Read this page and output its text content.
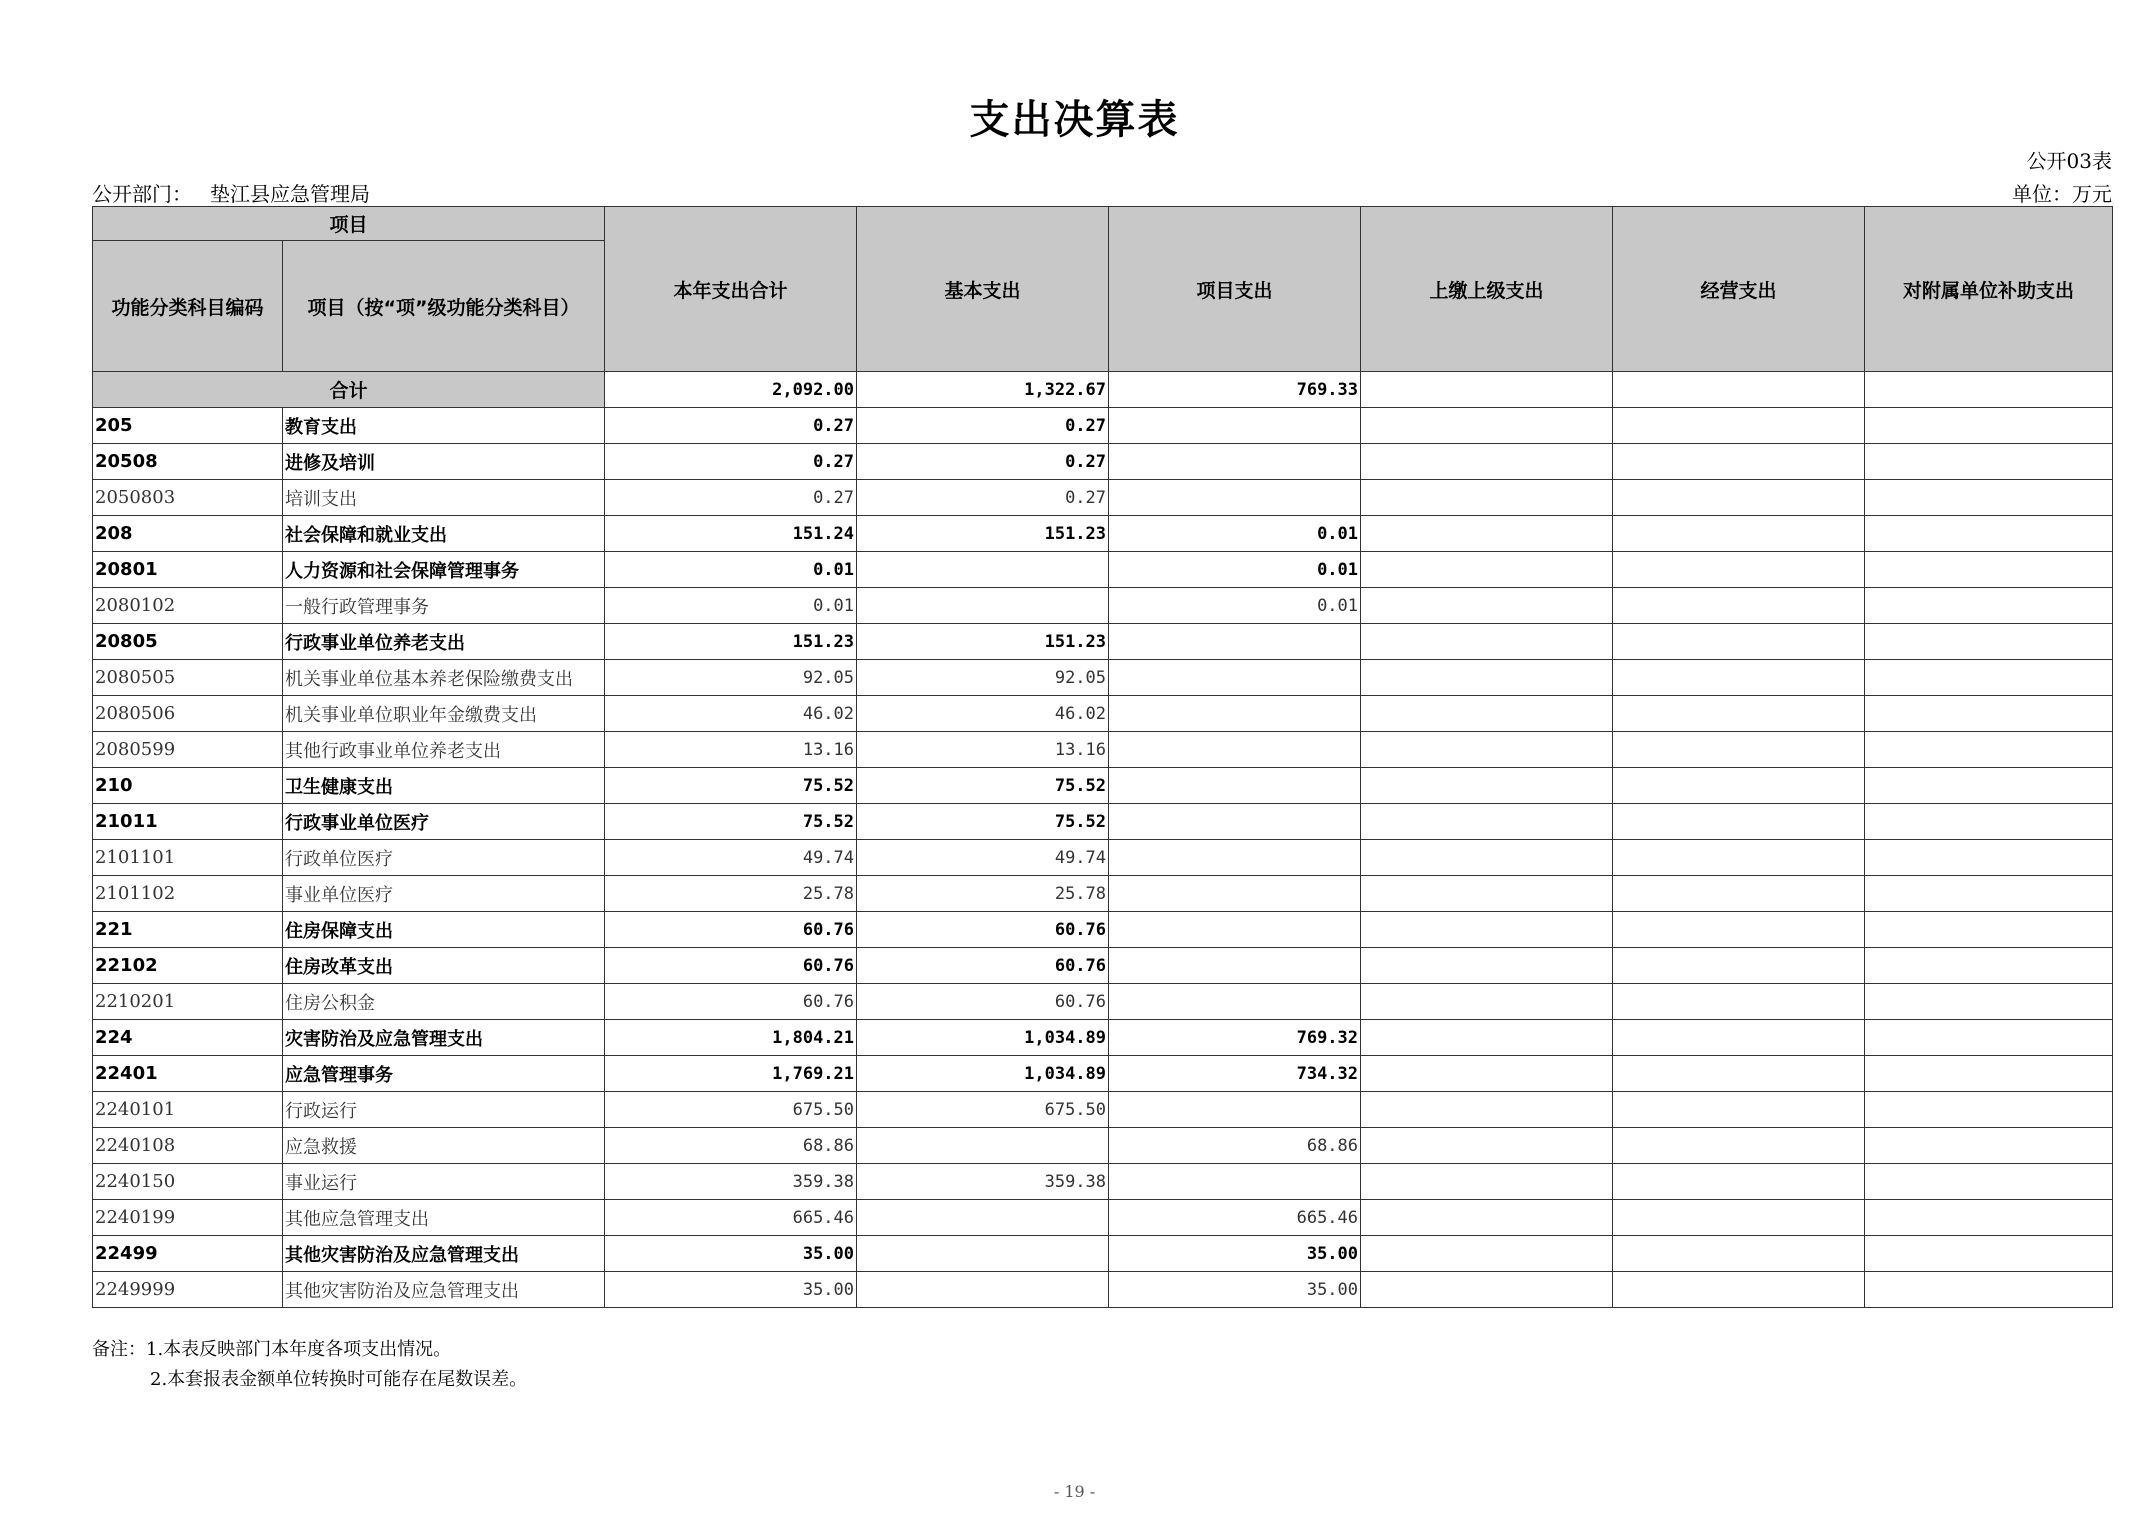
支出决算表
公开03表
公开部门： 垫江县应急管理局	单位：万元
项目		本年支出合计	基本支出	项目支出	上缴上级支出	经营支出	对附属单位补助支出
功能分类科目编码	项目（按“项”级功能分类科目）						
合计		2,092.00	1,322.67	769.33			
205	教育支出	0.27	0.27				
20508	进修及培训	0.27	0.27				
2050803	培训支出	0.27	0.27				
208	社会保障和就业支出	151.24	151.23	0.01			
20801	人力资源和社会保障管理事务	0.01		0.01			
2080102	一般行政管理事务	0.01		0.01			
20805	行政事业单位养老支出	151.23	151.23				
2080505	机关事业单位基本养老保险缴费支出	92.05	92.05				
2080506	机关事业单位职业年金缴费支出	46.02	46.02				
2080599	其他行政事业单位养老支出	13.16	13.16				
210	卫生健康支出	75.52	75.52				
21011	行政事业单位医疗	75.52	75.52				
2101101	行政单位医疗	49.74	49.74				
2101102	事业单位医疗	25.78	25.78				
221	住房保障支出	60.76	60.76				
22102	住房改革支出	60.76	60.76				
2210201	住房公积金	60.76	60.76				
224	灾害防治及应急管理支出	1,804.21	1,034.89	769.32			
22401	应急管理事务	1,769.21	1,034.89	734.32			
2240101	行政运行	675.50	675.50				
2240108	应急救援	68.86		68.86			
2240150	事业运行	359.38	359.38				
2240199	其他应急管理支出	665.46		665.46			
22499	其他灾害防治及应急管理支出	35.00		35.00			
2249999	其他灾害防治及应急管理支出	35.00		35.00			
备注：1.本表反映部门本年度各项支出情况。
2.本套报表金额单位转换时可能存在尾数误差。
- 19 -
